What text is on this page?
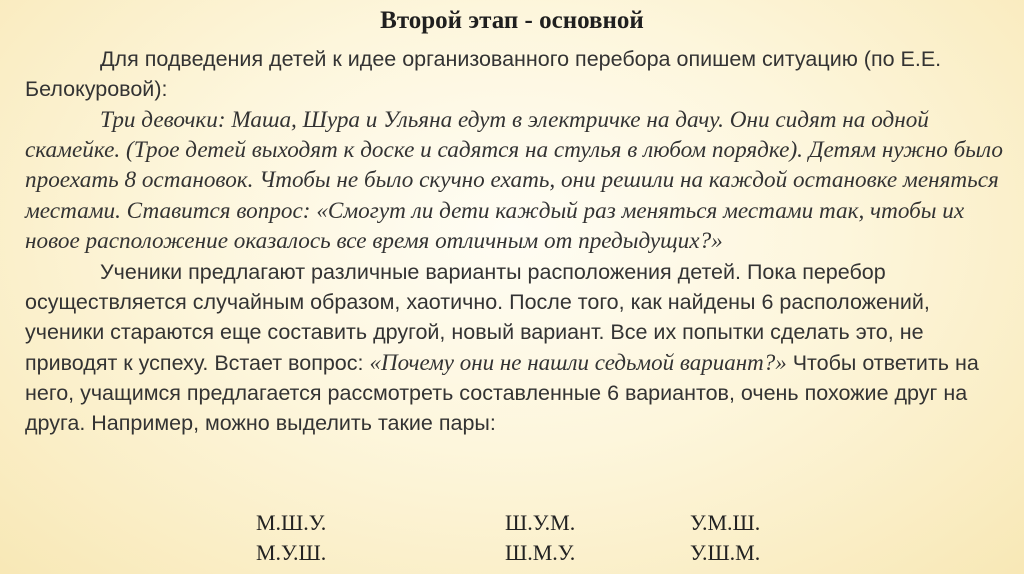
Второй этап - основной

Для подведения детей к идее организованного перебора опишем ситуацию (по Е.Е. Белокуровой):

Три девочки: Маша, Шура и Ульяна едут в электричке на дачу. Они сидят на одной скамейке. (Трое детей выходят к доске и садятся на стулья в любом порядке). Детям нужно было проехать 8 остановок. Чтобы не было скучно ехать, они решили на каждой остановке меняться местами. Ставится вопрос: «Смогут ли дети каждый раз меняться местами так, чтобы их новое расположение оказалось все время отличным от предыдущих?»

Ученики предлагают различные варианты расположения детей. Пока перебор осуществляется случайным образом, хаотично. После того, как найдены 6 расположений, ученики стараются еще составить другой, новый вариант. Все их попытки сделать это, не приводят к успеху. Встает вопрос: «Почему они не нашли седьмой вариант?» Чтобы ответить на него, учащимся предлагается рассмотреть составленные 6 вариантов, очень похожие друг на друга. Например, можно выделить такие пары:

М.Ш.У.	Ш.У.М.	У.М.Ш.
М.У.Ш.	Ш.М.У.	У.Ш.М.
